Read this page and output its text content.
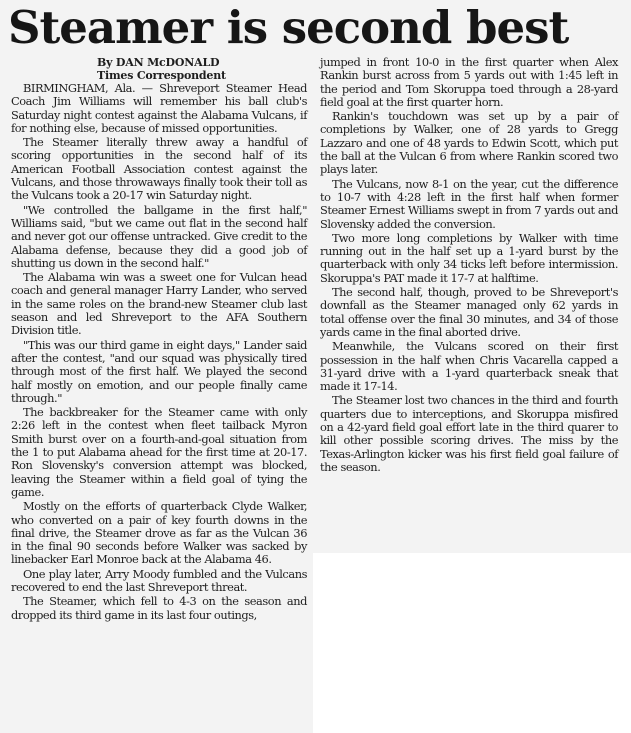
Steamer is second best
By DAN McDONALD
Times Correspondent

BIRMINGHAM, Ala. — Shreveport Steamer Head Coach Jim Williams will remember his ball club's Saturday night contest against the Alabama Vulcans, if for nothing else, because of missed opportunities.

The Steamer literally threw away a handful of scoring opportunities in the second half of its American Football Association contest against the Vulcans, and those throwaways finally took their toll as the Vulcans took a 20-17 win Saturday night.

"We controlled the ballgame in the first half," Williams said, "but we came out flat in the second half and never got our offense untracked. Give credit to the Alabama defense, because they did a good job of shutting us down in the second half."

The Alabama win was a sweet one for Vulcan head coach and general manager Harry Lander, who served in the same roles on the brand-new Steamer club last season and led Shreveport to the AFA Southern Division title.

"This was our third game in eight days," Lander said after the contest, "and our squad was physically tired through most of the first half. We played the second half mostly on emotion, and our people finally came through."

The backbreaker for the Steamer came with only 2:26 left in the contest when fleet tailback Myron Smith burst over on a fourth-and-goal situation from the 1 to put Alabama ahead for the first time at 20-17. Ron Slovensky's conversion attempt was blocked, leaving the Steamer within a field goal of tying the game.

Mostly on the efforts of quarterback Clyde Walker, who converted on a pair of key fourth downs in the final drive, the Steamer drove as far as the Vulcan 36 in the final 90 seconds before Walker was sacked by linebacker Earl Monroe back at the Alabama 46.

One play later, Arry Moody fumbled and the Vulcans recovered to end the last Shreveport threat.

The Steamer, which fell to 4-3 on the season and dropped its third game in its last four outings,

jumped in front 10-0 in the first quarter when Alex Rankin burst across from 5 yards out with 1:45 left in the period and Tom Skoruppa toed through a 28-yard field goal at the first quarter horn.

Rankin's touchdown was set up by a pair of completions by Walker, one of 28 yards to Gregg Lazzaro and one of 48 yards to Edwin Scott, which put the ball at the Vulcan 6 from where Rankin scored two plays later.

The Vulcans, now 8-1 on the year, cut the difference to 10-7 with 4:28 left in the first half when former Steamer Ernest Williams swept in from 7 yards out and Slovensky added the conversion.

Two more long completions by Walker with time running out in the half set up a 1-yard burst by the quarterback with only 34 ticks left before intermission. Skoruppa's PAT made it 17-7 at halftime.

The second half, though, proved to be Shreveport's downfall as the Steamer managed only 62 yards in total offense over the final 30 minutes, and 34 of those yards came in the final aborted drive.

Meanwhile, the Vulcans scored on their first possession in the half when Chris Vacarella capped a 31-yard drive with a 1-yard quarterback sneak that made it 17-14.

The Steamer lost two chances in the third and fourth quarters due to interceptions, and Skoruppa misfired on a 42-yard field goal effort late in the third quarer to kill other possible scoring drives. The miss by the Texas-Arlington kicker was his first field goal failure of the season.
